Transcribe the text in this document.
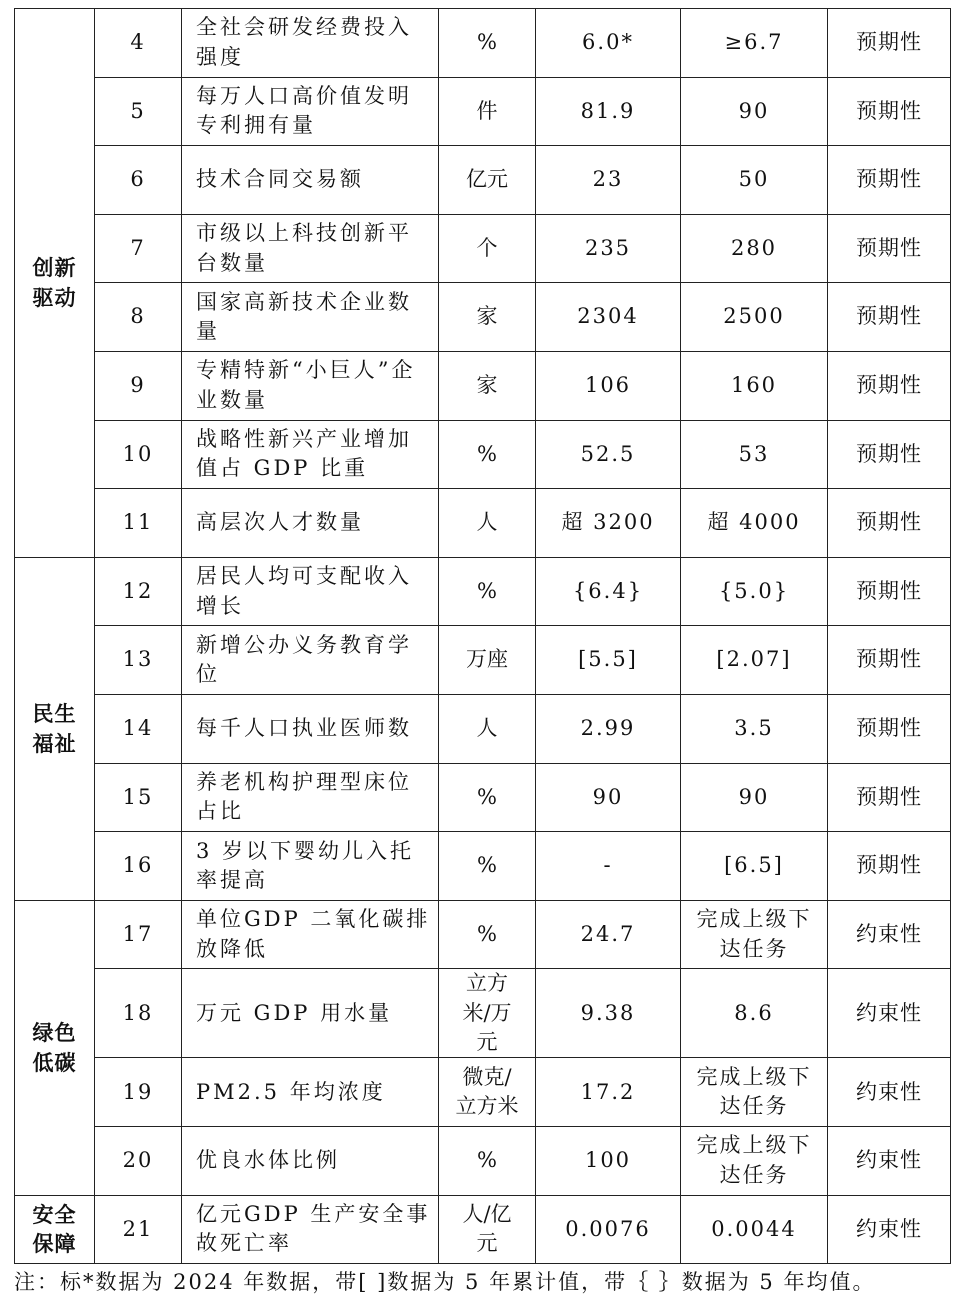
创新驱动	4	全社会研发经费投入强度	%	6.0*	≥6.7	预期性
	5	每万人口高价值发明专利拥有量	件	81.9	90	预期性
	6	技术合同交易额	亿元	23	50	预期性
	7	市级以上科技创新平台数量	个	235	280	预期性
	8	国家高新技术企业数量	家	2304	2500	预期性
	9	专精特新“小巨人”企业数量	家	106	160	预期性
	10	战略性新兴产业增加值占 GDP 比重	%	52.5	53	预期性
	11	高层次人才数量	人	超 3200	超 4000	预期性
民生福祉	12	居民人均可支配收入增长	%	{6.4}	{5.0}	预期性
	13	新增公办义务教育学位	万座	[5.5]	[2.07]	预期性
	14	每千人口执业医师数	人	2.99	3.5	预期性
	15	养老机构护理型床位占比	%	90	90	预期性
	16	3 岁以下婴幼儿入托率提高	%	-	[6.5]	预期性
绿色低碳	17	单位GDP 二氧化碳排放降低	%	24.7	完成上级下达任务	约束性
	18	万元 GDP 用水量	立方米/万元	9.38	8.6	约束性
	19	PM2.5 年均浓度	微克/立方米	17.2	完成上级下达任务	约束性
	20	优良水体比例	%	100	完成上级下达任务	约束性
安全保障	21	亿元GDP 生产安全事故死亡率	人/亿元	0.0076	0.0044	约束性
注：标*数据为 2024 年数据，带[ ]数据为 5 年累计值，带｛ ｝数据为 5 年均值。
